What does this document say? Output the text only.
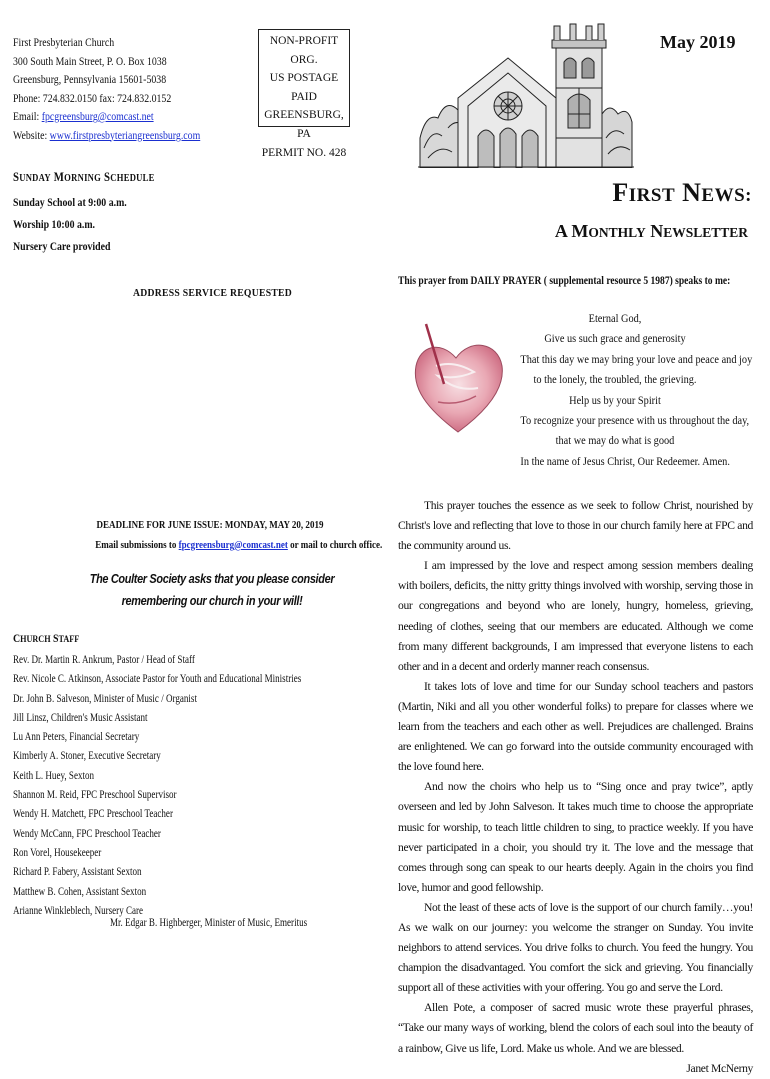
First Presbyterian Church
300 South Main Street, P. O. Box 1038
Greensburg, Pennsylvania 15601-5038
Phone: 724.832.0150 fax: 724.832.0152
Email: fpcgreensburg@comcast.net
Website: www.firstpresbyteriangreensburg.com
NON-PROFIT ORG.
US POSTAGE
PAID
GREENSBURG, PA
PERMIT NO. 428
May 2019
SUNDAY MORNING SCHEDULE
Sunday School at 9:00 a.m.
Worship 10:00 a.m.
Nursery Care provided
FIRST NEWS:
A MONTHLY NEWSLETTER
ADDRESS SERVICE REQUESTED
This prayer from DAILY PRAYER ( supplemental resource 5 1987) speaks to me:
Eternal God,
Give us such grace and generosity
That this day we may bring your love and peace and joy
to the lonely, the troubled, the grieving.
Help us by your Spirit
To recognize your presence with us throughout the day,
that we may do what is good
In the name of Jesus Christ, Our Redeemer. Amen.
DEADLINE FOR JUNE ISSUE: MONDAY, MAY 20, 2019
Email submissions to fpcgreensburg@comcast.net or mail to church office.
The Coulter Society asks that you please consider
remembering our church in your will!
CHURCH STAFF
Rev. Dr. Martin R. Ankrum, Pastor / Head of Staff
Rev. Nicole C. Atkinson, Associate Pastor for Youth and Educational Ministries
Dr. John B. Salveson, Minister of Music / Organist
Jill Linsz, Children's Music Assistant
Lu Ann Peters, Financial Secretary
Kimberly A. Stoner, Executive Secretary
Keith L. Huey, Sexton
Shannon M. Reid, FPC Preschool Supervisor
Wendy H. Matchett, FPC Preschool Teacher
Wendy McCann, FPC Preschool Teacher
Ron Vorel, Housekeeper
Richard P. Fabery, Assistant Sexton
Matthew B. Cohen, Assistant Sexton
Arianne Winkleblech, Nursery Care
Mr. Edgar B. Highberger, Minister of Music, Emeritus

This prayer touches the essence as we seek to follow Christ, nourished by Christ's love and reflecting that love to those in our church family here at FPC and the community around us.

I am impressed by the love and respect among session members dealing with boilers, deficits, the nitty gritty things involved with worship, serving those in our congregations and beyond who are lonely, hungry, homeless, grieving, needing of clothes, seeing that our members are educated. Although we come from many different backgrounds, I am impressed that everyone listens to each other and in a decent and orderly manner reach consensus.

It takes lots of love and time for our Sunday school teachers and pastors (Martin, Niki and all you other wonderful folks) to prepare for classes where we learn from the teachers and each other as well. Prejudices are challenged. Brains are enlightened. We can go forward into the outside community encouraged with the love found here.

And now the choirs who help us to “Sing once and pray twice”, aptly overseen and led by John Salveson. It takes much time to choose the appropriate music for worship, to teach little children to sing, to practice weekly. If you have never participated in a choir, you should try it. The love and the message that comes through song can speak to our hearts deeply. Again in the choirs you find love, humor and good fellowship.

Not the least of these acts of love is the support of our church family…you! As we walk on our journey: you welcome the stranger on Sunday. You invite neighbors to attend services. You drive folks to church. You feed the hungry. You champion the disadvantaged. You comfort the sick and grieving. You financially support all of these activities with your offering. You go and serve the Lord.

Allen Pote, a composer of sacred music wrote these prayerful phrases, “Take our many ways of working, blend the colors of each soul into the beauty of a rainbow, Give us life, Lord. Make us whole. And we are blessed.
Janet McNerny
